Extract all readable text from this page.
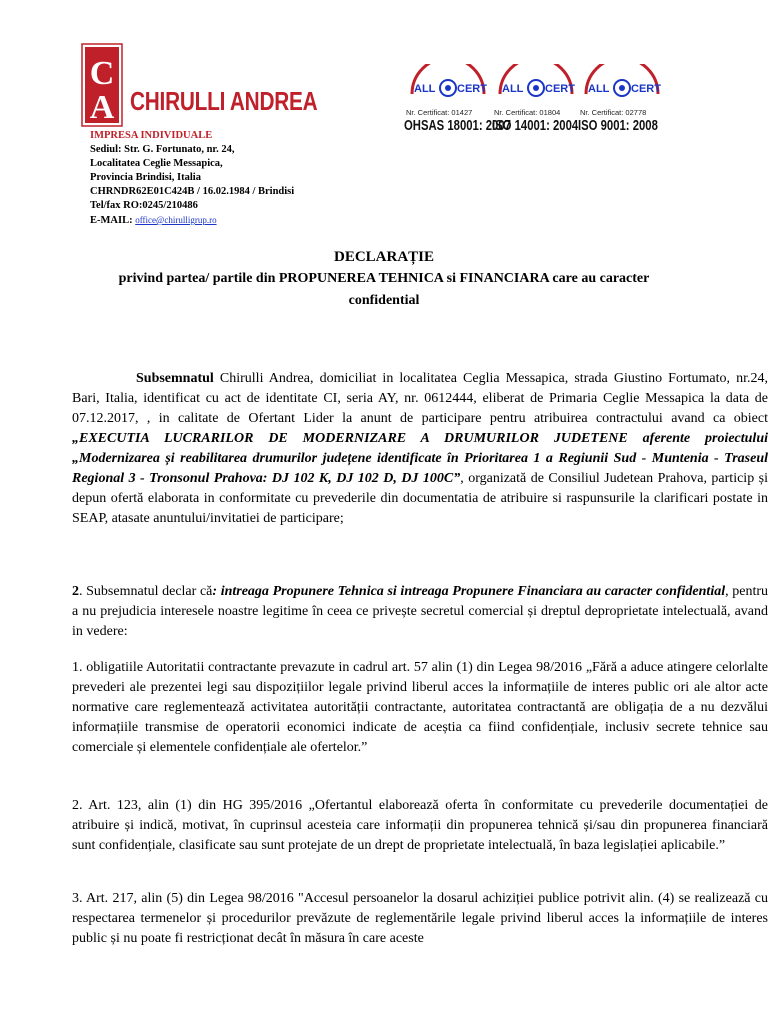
C
A CHIRULLI ANDREA	ALL CERT
Nr. Certificat: 01427
OHSAS 18001: 2007
ALL CERT
Nr. Certificat: 01804
ISO 14001: 2004
ALL CERT
Nr. Certificat: 02778
ISO 9001: 2008
IMPRESA INDIVIDUALE
Sediul: Str. G. Fortunato, nr. 24,
Localitatea Ceglie Messapica,
Provincia Brindisi, Italia
CHRNDR62E01C424B / 16.02.1984 / Brindisi
Tel/fax RO:0245/210486
E-MAIL: office@chirulligrup.ro
DECLARAȚIE
privind partea/ partile din PROPUNEREA TEHNICA si FINANCIARA care au caracter confidential

Subsemnatul Chirulli Andrea, domiciliat in localitatea Ceglia Messapica, strada Giustino Fortumato, nr.24, Bari, Italia, identificat cu act de identitate CI, seria AY, nr. 0612444, eliberat de Primaria Ceglie Messapica la data de 07.12.2017, , in calitate de Ofertant Lider la anunt de participare pentru atribuirea contractului avand ca obiect „EXECUTIA LUCRARILOR DE MODERNIZARE A DRUMURILOR JUDETENE aferente proiectului „Modernizarea și reabilitarea drumurilor județene identificate în Prioritarea 1 a Regiunii Sud - Muntenia - Traseul Regional 3 - Tronsonul Prahova: DJ 102 K, DJ 102 D, DJ 100C”, organizată de Consiliul Judetean Prahova, particip și depun ofertă elaborata in conformitate cu prevederile din documentatia de atribuire si raspunsurile la clarificari postate in SEAP, atasate anuntului/invitatiei de participare;

2. Subsemnatul declar că: intreaga Propunere Tehnica si intreaga Propunere Financiara au caracter confidential, pentru a nu prejudicia interesele noastre legitime în ceea ce privește secretul comercial și dreptul deproprietate intelectuală, avand in vedere:

1. obligatiile Autoritatii contractante prevazute in cadrul art. 57 alin (1) din Legea 98/2016 „Fără a aduce atingere celorlalte prevederi ale prezentei legi sau dispozițiilor legale privind liberul acces la informațiile de interes public ori ale altor acte normative care reglementează activitatea autorității contractante, autoritatea contractantă are obligația de a nu dezvălui informațiile transmise de operatorii economici indicate de aceștia ca fiind confidențiale, inclusiv secrete tehnice sau comerciale și elementele confidențiale ale ofertelor.”

2. Art. 123, alin (1) din HG 395/2016 „Ofertantul elaborează oferta în conformitate cu prevederile documentației de atribuire și indică, motivat, în cuprinsul acesteia care informații din propunerea tehnică și/sau din propunerea financiară sunt confidențiale, clasificate sau sunt protejate de un drept de proprietate intelectuală, în baza legislației aplicabile.”

3. Art. 217, alin (5) din Legea 98/2016 "Accesul persoanelor la dosarul achiziției publice potrivit alin. (4) se realizează cu respectarea termenelor și procedurilor prevăzute de reglementările legale privind liberul acces la informațiile de interes public și nu poate fi restricționat decât în măsura în care aceste
